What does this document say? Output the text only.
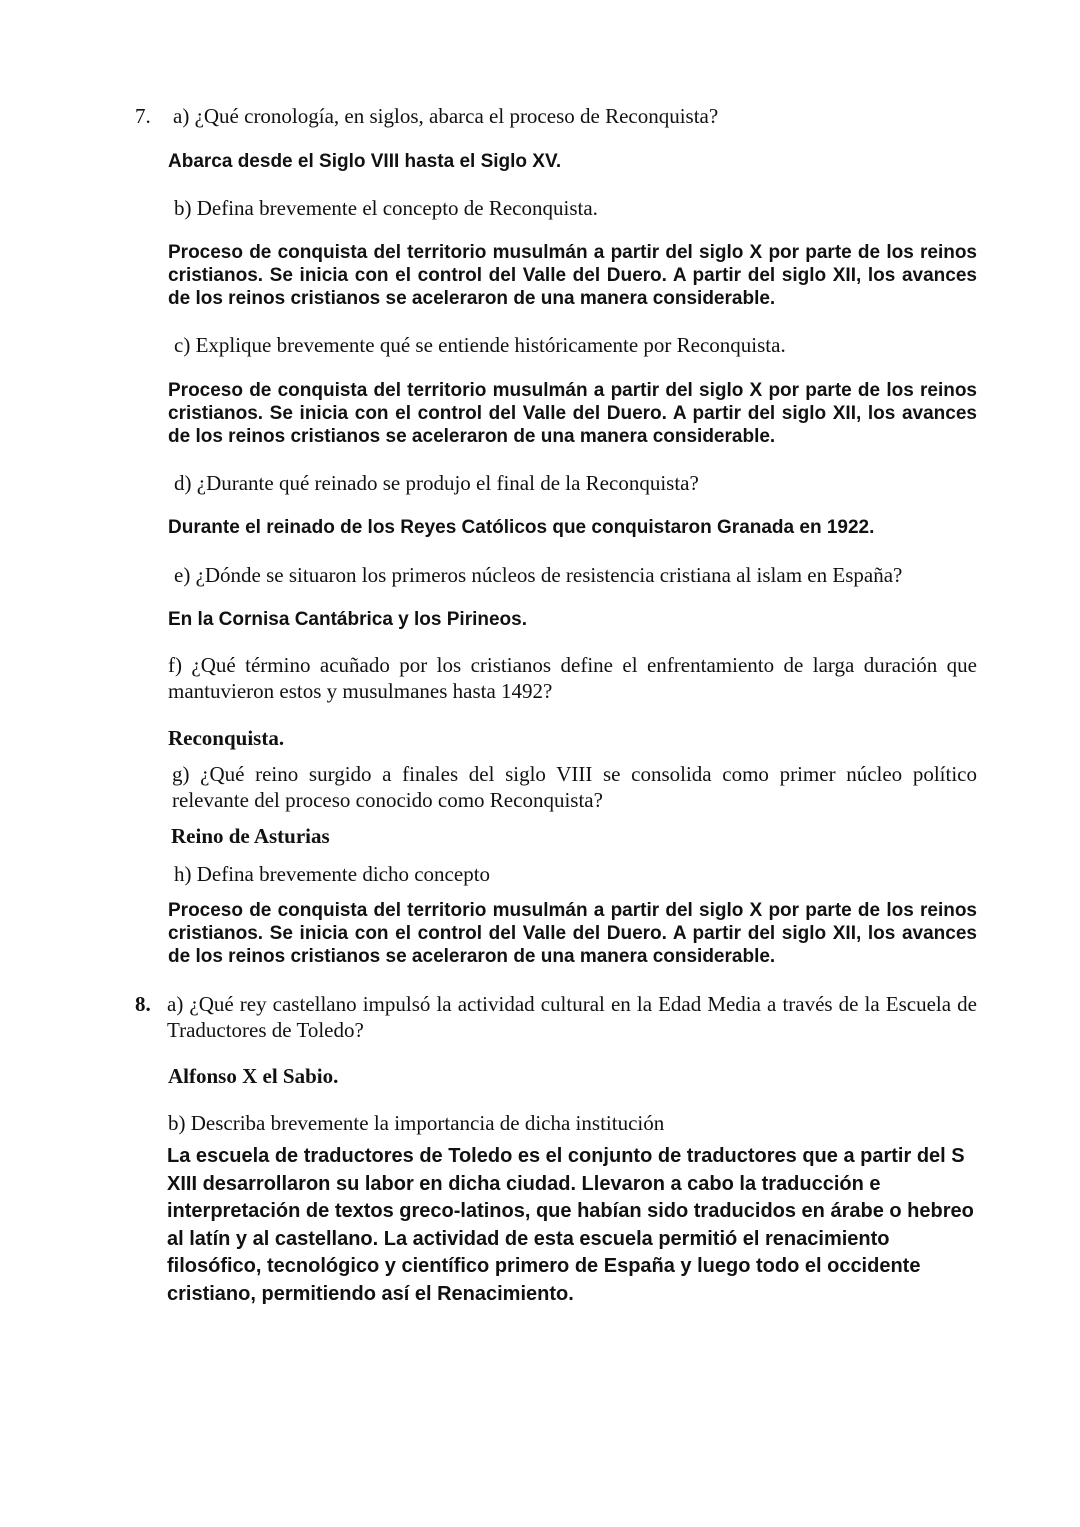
7. a) ¿Qué cronología, en siglos, abarca el proceso de Reconquista?

Abarca desde el Siglo VIII hasta el Siglo XV.

b) Defina brevemente el concepto de Reconquista.

Proceso de conquista del territorio musulmán a partir del siglo X por parte de los reinos cristianos. Se inicia con el control del Valle del Duero. A partir del siglo XII, los avances de los reinos cristianos se aceleraron de una manera considerable.

c) Explique brevemente qué se entiende históricamente por Reconquista.

Proceso de conquista del territorio musulmán a partir del siglo X por parte de los reinos cristianos. Se inicia con el control del Valle del Duero. A partir del siglo XII, los avances de los reinos cristianos se aceleraron de una manera considerable.

d) ¿Durante qué reinado se produjo el final de la Reconquista?

Durante el reinado de los Reyes Católicos que conquistaron Granada en 1922.

e) ¿Dónde se situaron los primeros núcleos de resistencia cristiana al islam en España?

En la Cornisa Cantábrica y los Pirineos.

f) ¿Qué término acuñado por los cristianos define el enfrentamiento de larga duración que mantuvieron estos y musulmanes hasta 1492?

Reconquista.

g) ¿Qué reino surgido a finales del siglo VIII se consolida como primer núcleo político relevante del proceso conocido como Reconquista?

Reino de Asturias

h) Defina brevemente dicho concepto

Proceso de conquista del territorio musulmán a partir del siglo X por parte de los reinos cristianos. Se inicia con el control del Valle del Duero. A partir del siglo XII, los avances de los reinos cristianos se aceleraron de una manera considerable.

8. a) ¿Qué rey castellano impulsó la actividad cultural en la Edad Media a través de la Escuela de Traductores de Toledo?

Alfonso X el Sabio.

b) Describa brevemente la importancia de dicha institución

La escuela de traductores de Toledo es el conjunto de traductores que a partir del S XIII desarrollaron su labor en dicha ciudad. Llevaron a cabo la traducción e interpretación de textos greco-latinos, que habían sido traducidos en árabe o hebreo al latín y al castellano. La actividad de esta escuela permitió el renacimiento filosófico, tecnológico y científico primero de España y luego todo el occidente cristiano, permitiendo así el Renacimiento.
